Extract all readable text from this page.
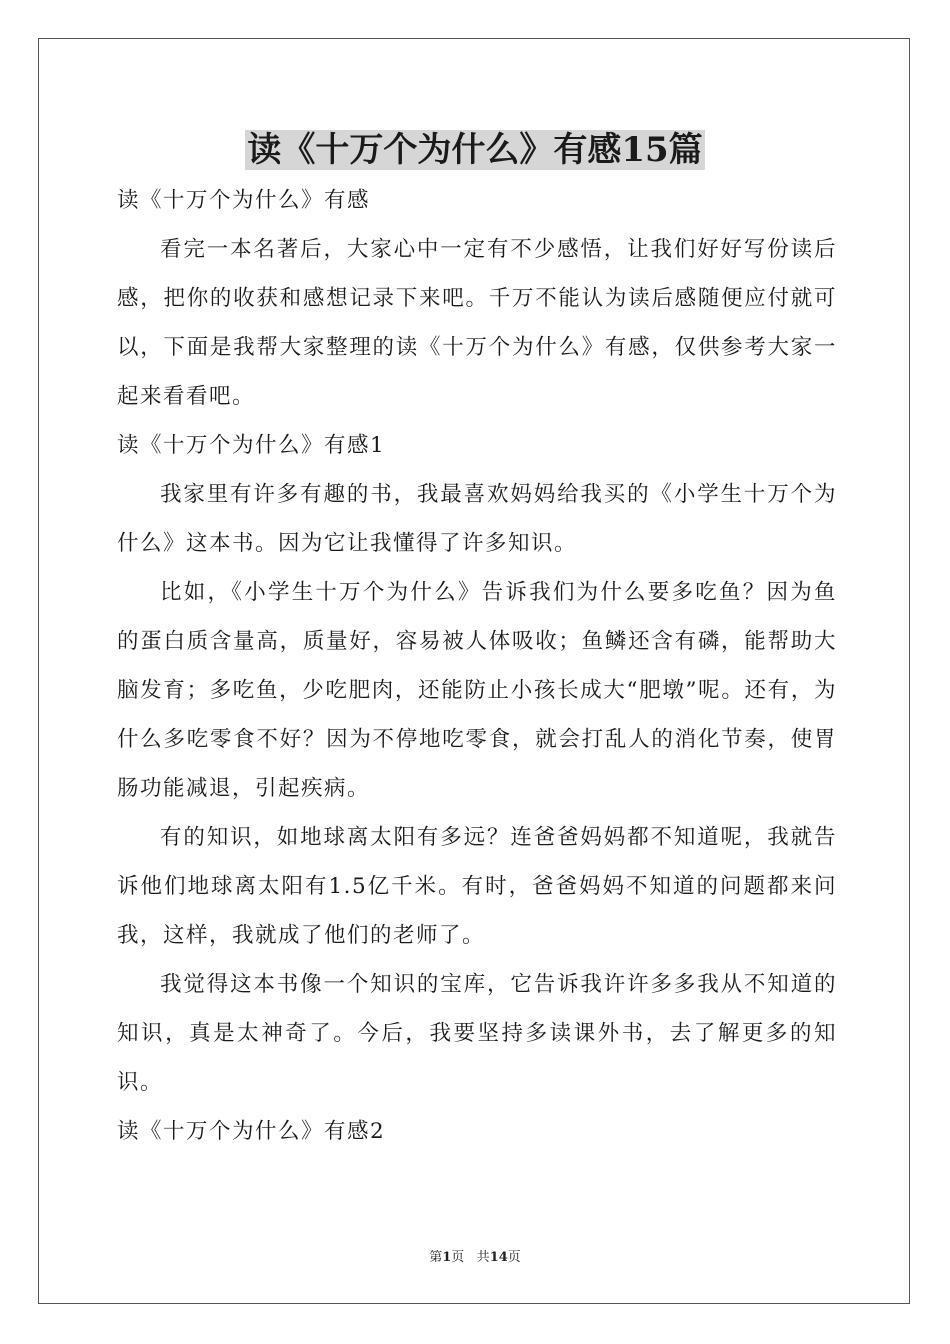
读《十万个为什么》有感15篇

读《十万个为什么》有感

看完一本名著后，大家心中一定有不少感悟，让我们好好写份读后感，把你的收获和感想记录下来吧。千万不能认为读后感随便应付就可以，下面是我帮大家整理的读《十万个为什么》有感，仅供参考大家一起来看看吧。

读《十万个为什么》有感1

我家里有许多有趣的书，我最喜欢妈妈给我买的《小学生十万个为什么》这本书。因为它让我懂得了许多知识。

比如，《小学生十万个为什么》告诉我们为什么要多吃鱼？因为鱼的蛋白质含量高，质量好，容易被人体吸收；鱼鳞还含有磷，能帮助大脑发育；多吃鱼，少吃肥肉，还能防止小孩长成大“肥墩”呢。还有，为什么多吃零食不好？因为不停地吃零食，就会打乱人的消化节奏，使胃肠功能减退，引起疾病。

有的知识，如地球离太阳有多远？连爸爸妈妈都不知道呢，我就告诉他们地球离太阳有1.5亿千米。有时，爸爸妈妈不知道的问题都来问我，这样，我就成了他们的老师了。

我觉得这本书像一个知识的宝库，它告诉我许许多多我从不知道的知识，真是太神奇了。今后，我要坚持多读课外书，去了解更多的知识。

读《十万个为什么》有感2

第1页 共14页
